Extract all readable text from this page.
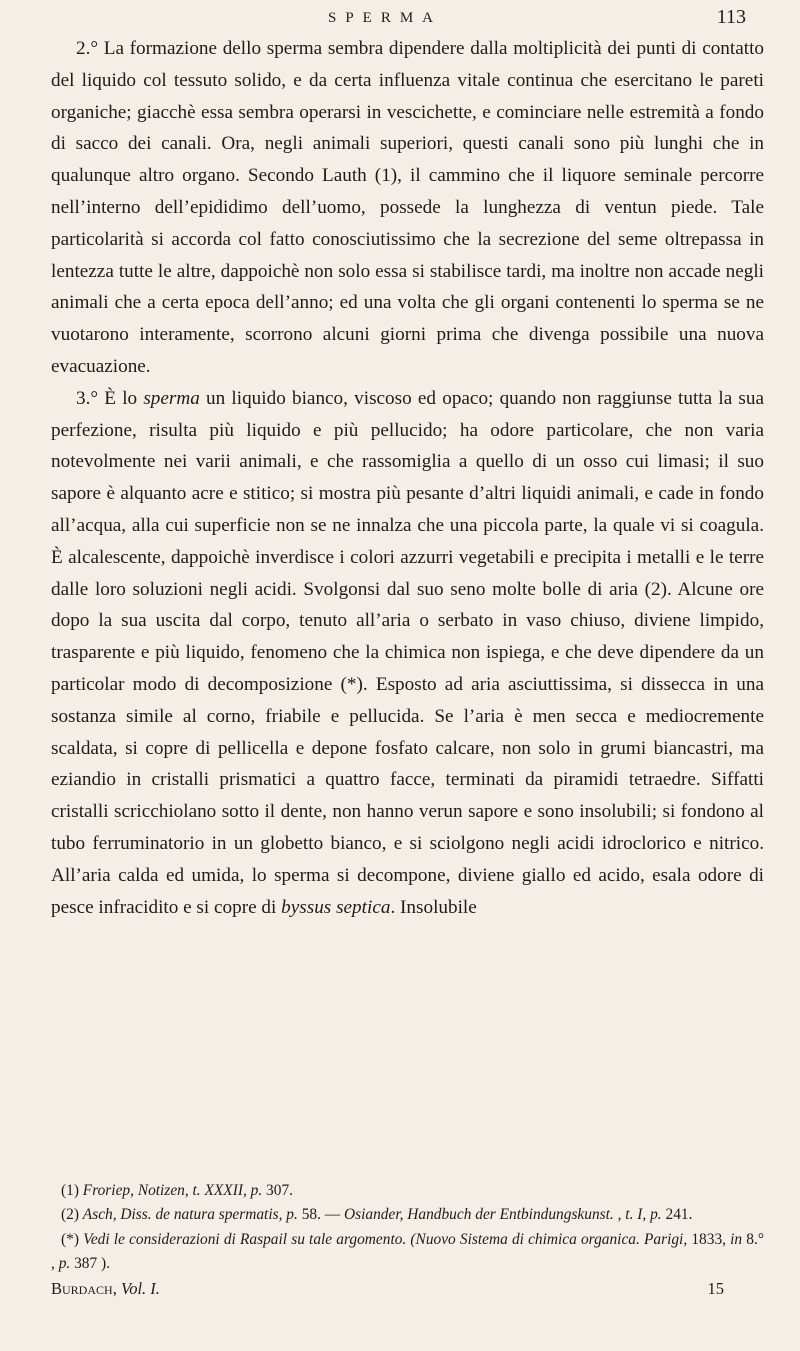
SPERMA	113

2.° La formazione dello sperma sembra dipendere dalla moltiplicità dei punti di contatto del liquido col tessuto solido, e da certa influenza vitale continua che esercitano le pareti organiche; giacchè essa sembra operarsi in vescichette, e cominciare nelle estremità a fondo di sacco dei canali. Ora, negli animali superiori, questi canali sono più lunghi che in qualunque altro organo. Secondo Lauth (1), il cammino che il liquore seminale percorre nell’interno dell’epididimo dell’uomo, possede la lunghezza di ventun piede. Tale particolarità si accorda col fatto conosciutissimo che la secrezione del seme oltrepassa in lentezza tutte le altre, dappoichè non solo essa si stabilisce tardi, ma inoltre non accade negli animali che a certa epoca dell’anno; ed una volta che gli organi contenenti lo sperma se ne vuotarono interamente, scorrono alcuni giorni prima che divenga possibile una nuova evacuazione.

3.° È lo sperma un liquido bianco, viscoso ed opaco; quando non raggiunse tutta la sua perfezione, risulta più liquido e più pellucido; ha odore particolare, che non varia notevolmente nei varii animali, e che rassomiglia a quello di un osso cui limasi; il suo sapore è alquanto acre e stitico; si mostra più pesante d’altri liquidi animali, e cade in fondo all’acqua, alla cui superficie non se ne innalza che una piccola parte, la quale vi si coagula. È alcalescente, dappoichè inverdisce i colori azzurri vegetabili e precipita i metalli e le terre dalle loro soluzioni negli acidi. Svolgonsi dal suo seno molte bolle di aria (2). Alcune ore dopo la sua uscita dal corpo, tenuto all’aria o serbato in vaso chiuso, diviene limpido, trasparente e più liquido, fenomeno che la chimica non ispiega, e che deve dipendere da un particolar modo di decomposizione (*). Esposto ad aria asciuttissima, si dissecca in una sostanza simile al corno, friabile e pellucida. Se l’aria è men secca e mediocremente scaldata, si copre di pellicella e depone fosfato calcare, non solo in grumi biancastri, ma eziandio in cristalli prismatici a quattro facce, terminati da piramidi tetraedre. Siffatti cristalli scricchiolano sotto il dente, non hanno verun sapore e sono insolubili; si fondono al tubo ferruminatorio in un globetto bianco, e si sciolgono negli acidi idroclorico e nitrico. All’aria calda ed umida, lo sperma si decompone, diviene giallo ed acido, esala odore di pesce infracidito e si copre di byssus septica. Insolubile

(1) Froriep, Notizen, t. XXXII, p. 307.

(2) Asch, Diss. de natura spermatis, p. 58. — Osiander, Handbuch der Entbindungskunst. , t. I, p. 241.

(*) Vedi le considerazioni di Raspail su tale argomento. (Nuovo Sistema di chimica organica. Parigi, 1833, in 8.° , p. 387 ).

Burdach, Vol. I.	15
